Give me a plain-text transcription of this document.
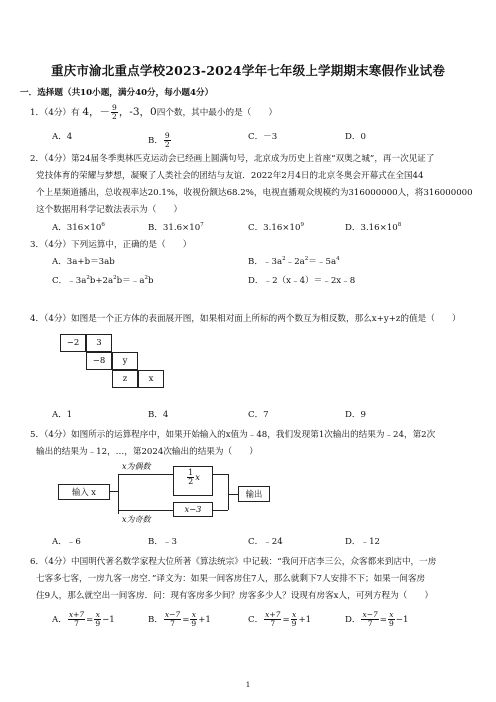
重庆市渝北重点学校2023-2024学年七年级上学期期末寒假作业试卷
一．选择题（共10小题，满分40分，每小题4分）
1．（4分）有 4，－ $\frac{9}{2}$ ，-3，0四个数，其中最小的是（　　）
A．4	B． $\frac{9}{2}$	C．－3	D．0
2．（4分）第24届冬季奥林匹克运动会已经画上圆满句号，北京成为历史上首座“双奥之城”，再一次见证了
党技体育的荣耀与梦想，凝聚了人类社会的团结与友谊．2022年2月4日的北京冬奥会开幕式在全国44
个上星频道播出，总收视率达20.1%，收视份额达68.2%，电视直播观众规模约为316000000人，将316000000
这个数据用科学记数法表示为（　　）
A．$316\times 10^6$	B．$31.6\times 10^7$	C．$3.16\times 10^9$	D．$3.16\times 10^8$
3．（4分）下列运算中，正确的是（　　）
A．3a+b＝3ab	B．$﹣3a^2﹣2a^2=﹣5a^4$
C．$﹣3a^2b+2a^2b=﹣a^2b$	D．﹣2（x﹣4）＝﹣2x﹣8
4．（4分）如图是一个正方体的表面展开图，如果相对面上所标的两个数互为相反数，那么x+y+z的值是（　　）
−2	3
−8	y
z	x
A．1	B．4	C．7	D．9
5．（4分）如图所示的运算程序中，如果开始输入的x值为﹣48，我们发现第1次输出的结果为﹣24，第2次
输出的结果为﹣12，…，第2024次输出的结果为（　　）
输入 x
$\frac{1}{2}$ x
x−3
输出
x为偶数
x为奇数
A．﹣6	B．﹣3	C．﹣24	D．﹣12
6．（4分）中国明代著名数学家程大位所著《算法统宗》中记载：“我问开店李三公，众客都来到店中，一房
七客多七客，一房九客一房空．”译文为：如果一间客房住7人，那么就剩下7人安排不下；如果一间客房
住9人，那么就空出一间客房．问：现有客房多少间？房客多少人？设现有房客x人，可列方程为（　　）
A． $\frac{x+7}{7} = \frac{x}{9} -1$	B． $\frac{x-7}{7} = \frac{x}{9} +1$	C． $\frac{x+7}{7} = \frac{x}{9} +1$	D． $\frac{x-7}{7} = \frac{x}{9} -1$
1
